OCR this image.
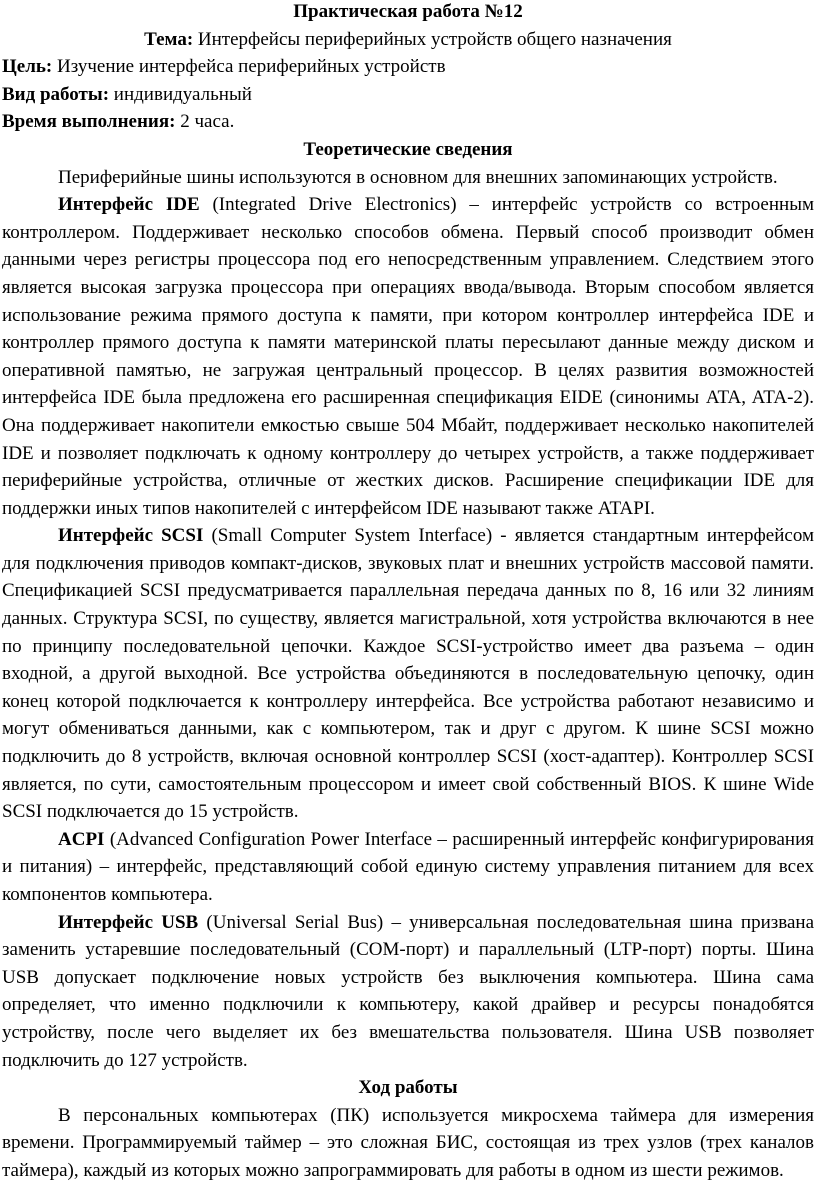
Практическая работа №12

Тема: Интерфейсы периферийных устройств общего назначения

Цель: Изучение интерфейса периферийных устройств

Вид работы: индивидуальный

Время выполнения: 2 часа.

Теоретические сведения

Периферийные шины используются в основном для внешних запоминающих устройств.

Интерфейс IDE (Integrated Drive Electronics) – интерфейс устройств со встроенным контроллером. Поддерживает несколько способов обмена. Первый способ производит обмен данными через регистры процессора под его непосредственным управлением. Следствием этого является высокая загрузка процессора при операциях ввода/вывода. Вторым способом является использование режима прямого доступа к памяти, при котором контроллер интерфейса IDE и контроллер прямого доступа к памяти материнской платы пересылают данные между диском и оперативной памятью, не загружая центральный процессор. В целях развития возможностей интерфейса IDE была предложена его расширенная спецификация EIDE (синонимы ATA, ATA-2). Она поддерживает накопители емкостью свыше 504 Мбайт, поддерживает несколько накопителей IDE и позволяет подключать к одному контроллеру до четырех устройств, а также поддерживает периферийные устройства, отличные от жестких дисков. Расширение спецификации IDE для поддержки иных типов накопителей с интерфейсом IDE называют также ATAPI.

Интерфейс SCSI (Small Computer System Interface) - является стандартным интерфейсом для подключения приводов компакт-дисков, звуковых плат и внешних устройств массовой памяти. Спецификацией SCSI предусматривается параллельная передача данных по 8, 16 или 32 линиям данных. Структура SCSI, по существу, является магистральной, хотя устройства включаются в нее по принципу последовательной цепочки. Каждое SCSI-устройство имеет два разъема – один входной, а другой выходной. Все устройства объединяются в последовательную цепочку, один конец которой подключается к контроллеру интерфейса. Все устройства работают независимо и могут обмениваться данными, как с компьютером, так и друг с другом. К шине SCSI можно подключить до 8 устройств, включая основной контроллер SCSI (хост-адаптер). Контроллер SCSI является, по сути, самостоятельным процессором и имеет свой собственный BIOS. К шине Wide SCSI подключается до 15 устройств.

ACPI (Advanced Configuration Power Interface – расширенный интерфейс конфигурирования и питания) – интерфейс, представляющий собой единую систему управления питанием для всех компонентов компьютера.

Интерфейс USB (Universal Serial Bus) – универсальная последовательная шина призвана заменить устаревшие последовательный (COM-порт) и параллельный (LTP-порт) порты. Шина USB допускает подключение новых устройств без выключения компьютера. Шина сама определяет, что именно подключили к компьютеру, какой драйвер и ресурсы понадобятся устройству, после чего выделяет их без вмешательства пользователя. Шина USB позволяет подключить до 127 устройств.

Ход работы

В персональных компьютерах (ПК) используется микросхема таймера для измерения времени. Программируемый таймер – это сложная БИС, состоящая из трех узлов (трех каналов таймера), каждый из которых можно запрограммировать для работы в одном из шести режимов.
